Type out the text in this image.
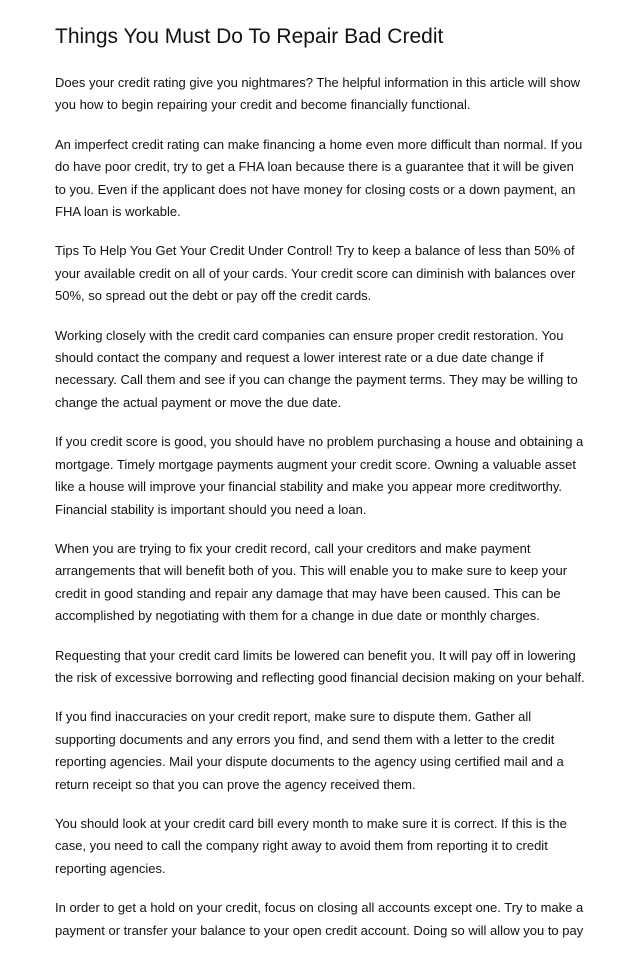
Things You Must Do To Repair Bad Credit

Does your credit rating give you nightmares? The helpful information in this article will show you how to begin repairing your credit and become financially functional.

An imperfect credit rating can make financing a home even more difficult than normal. If you do have poor credit, try to get a FHA loan because there is a guarantee that it will be given to you. Even if the applicant does not have money for closing costs or a down payment, an FHA loan is workable.

Tips To Help You Get Your Credit Under Control! Try to keep a balance of less than 50% of your available credit on all of your cards. Your credit score can diminish with balances over 50%, so spread out the debt or pay off the credit cards.

Working closely with the credit card companies can ensure proper credit restoration. You should contact the company and request a lower interest rate or a due date change if necessary. Call them and see if you can change the payment terms. They may be willing to change the actual payment or move the due date.

If you credit score is good, you should have no problem purchasing a house and obtaining a mortgage. Timely mortgage payments augment your credit score. Owning a valuable asset like a house will improve your financial stability and make you appear more creditworthy. Financial stability is important should you need a loan.

When you are trying to fix your credit record, call your creditors and make payment arrangements that will benefit both of you. This will enable you to make sure to keep your credit in good standing and repair any damage that may have been caused. This can be accomplished by negotiating with them for a change in due date or monthly charges.

Requesting that your credit card limits be lowered can benefit you. It will pay off in lowering the risk of excessive borrowing and reflecting good financial decision making on your behalf.

If you find inaccuracies on your credit report, make sure to dispute them. Gather all supporting documents and any errors you find, and send them with a letter to the credit reporting agencies. Mail your dispute documents to the agency using certified mail and a return receipt so that you can prove the agency received them.

You should look at your credit card bill every month to make sure it is correct. If this is the case, you need to call the company right away to avoid them from reporting it to credit reporting agencies.

In order to get a hold on your credit, focus on closing all accounts except one. Try to make a payment or transfer your balance to your open credit account. Doing so will allow you to pay
